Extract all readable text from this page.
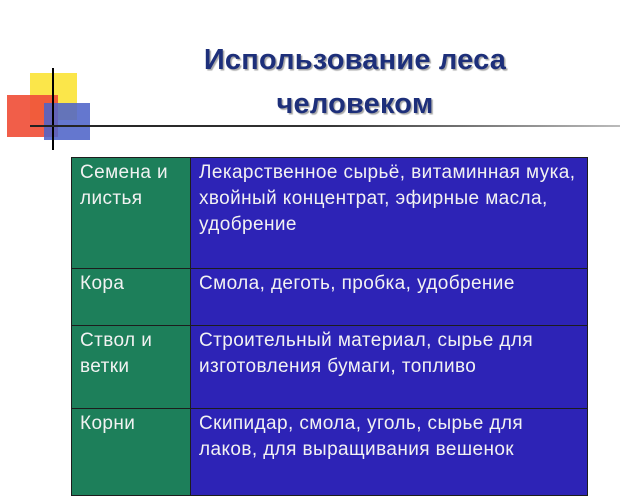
Использование леса
человеком
Семена и листья	Лекарственное сырьё, витаминная мука, хвойный концентрат, эфирные масла, удобрение
Кора	Смола, деготь, пробка, удобрение
Ствол и ветки	Строительный материал, сырье для изготовления бумаги, топливо
Корни	Скипидар, смола, уголь, сырье для лаков, для выращивания вешенок
